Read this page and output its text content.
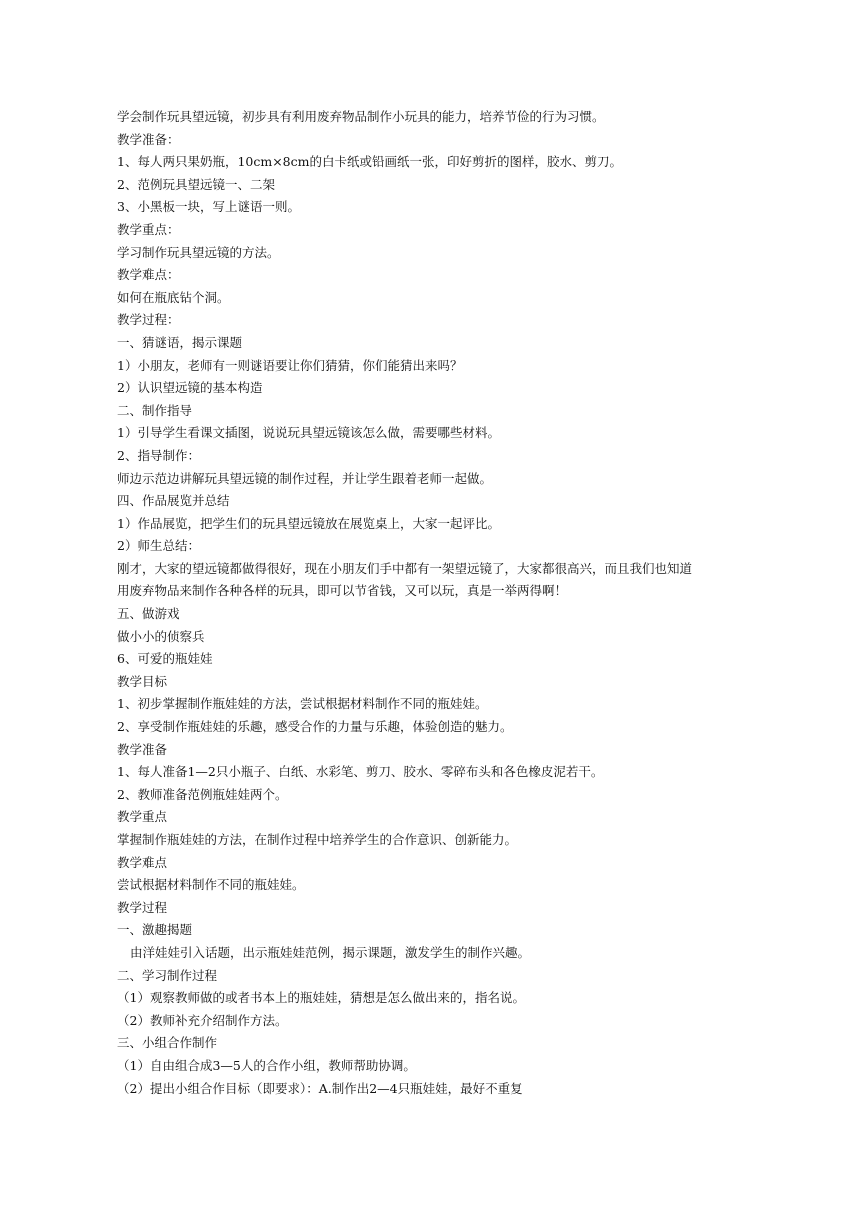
学会制作玩具望远镜，初步具有利用废弃物品制作小玩具的能力，培养节俭的行为习惯。
教学准备：
1、每人两只果奶瓶，10cm×8cm的白卡纸或铅画纸一张，印好剪折的图样，胶水、剪刀。
2、范例玩具望远镜一、二架
3、小黑板一块，写上谜语一则。
教学重点：
学习制作玩具望远镜的方法。
教学难点：
如何在瓶底钻个洞。
教学过程：
一、猜谜语，揭示课题
1）小朋友，老师有一则谜语要让你们猜猜，你们能猜出来吗？
2）认识望远镜的基本构造
二、制作指导
1）引导学生看课文插图，说说玩具望远镜该怎么做，需要哪些材料。
2、指导制作：
师边示范边讲解玩具望远镜的制作过程，并让学生跟着老师一起做。
四、作品展览并总结
1）作品展览，把学生们的玩具望远镜放在展览桌上，大家一起评比。
2）师生总结：
刚才，大家的望远镜都做得很好，现在小朋友们手中都有一架望远镜了，大家都很高兴，而且我们也知道
用废弃物品来制作各种各样的玩具，即可以节省钱，又可以玩，真是一举两得啊！
五、做游戏
做小小的侦察兵
6、可爱的瓶娃娃
教学目标
1、初步掌握制作瓶娃娃的方法，尝试根据材料制作不同的瓶娃娃。
2、享受制作瓶娃娃的乐趣，感受合作的力量与乐趣，体验创造的魅力。
教学准备
1、每人准备1—2只小瓶子、白纸、水彩笔、剪刀、胶水、零碎布头和各色橡皮泥若干。
2、教师准备范例瓶娃娃两个。
教学重点
掌握制作瓶娃娃的方法，在制作过程中培养学生的合作意识、创新能力。
教学难点
尝试根据材料制作不同的瓶娃娃。
教学过程
一、激趣揭题
由洋娃娃引入话题，出示瓶娃娃范例，揭示课题，激发学生的制作兴趣。
二、学习制作过程
（1）观察教师做的或者书本上的瓶娃娃，猜想是怎么做出来的，指名说。
（2）教师补充介绍制作方法。
三、小组合作制作
（1）自由组合成3—5人的合作小组，教师帮助协调。
（2）提出小组合作目标（即要求）：A.制作出2—4只瓶娃娃，最好不重复
